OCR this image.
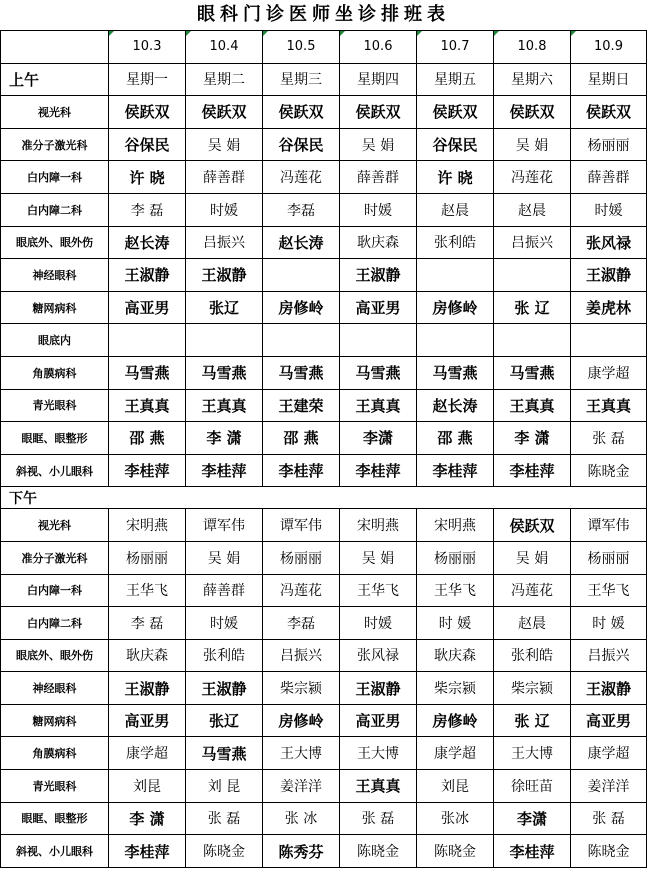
眼科门诊医师坐诊排班表
	10.3	10.4	10.5	10.6	10.7	10.8	10.9
上午	星期一	星期二	星期三	星期四	星期五	星期六	星期日
视光科	侯跃双	侯跃双	侯跃双	侯跃双	侯跃双	侯跃双	侯跃双
准分子激光科	谷保民	吴 娟	谷保民	吴 娟	谷保民	吴 娟	杨丽丽
白内障一科	许 晓	薛善群	冯莲花	薛善群	许 晓	冯莲花	薛善群
白内障二科	李 磊	时媛	李磊	时媛	赵晨	赵晨	时媛
眼底外、眼外伤	赵长涛	吕振兴	赵长涛	耿庆森	张利皓	吕振兴	张风禄
神经眼科	王淑静	王淑静		王淑静			王淑静
糖网病科	高亚男	张辽	房修岭	高亚男	房修岭	张 辽	姜虎林
眼底内							
角膜病科	马雪燕	马雪燕	马雪燕	马雪燕	马雪燕	马雪燕	康学超
青光眼科	王真真	王真真	王建荣	王真真	赵长涛	王真真	王真真
眼眶、眼整形	邵 燕	李 潇	邵 燕	李潇	邵 燕	李 潇	张 磊
斜视、小儿眼科	李桂萍	李桂萍	李桂萍	李桂萍	李桂萍	李桂萍	陈晓金
下午							
视光科	宋明燕	谭军伟	谭军伟	宋明燕	宋明燕	侯跃双	谭军伟
准分子激光科	杨丽丽	吴 娟	杨丽丽	吴 娟	杨丽丽	吴 娟	杨丽丽
白内障一科	王华飞	薛善群	冯莲花	王华飞	王华飞	冯莲花	王华飞
白内障二科	李 磊	时媛	李磊	时媛	时 媛	赵晨	时 媛
眼底外、眼外伤	耿庆森	张利皓	吕振兴	张风禄	耿庆森	张利皓	吕振兴
神经眼科	王淑静	王淑静	柴宗颍	王淑静	柴宗颍	柴宗颍	王淑静
糖网病科	高亚男	张辽	房修岭	高亚男	房修岭	张 辽	高亚男
角膜病科	康学超	马雪燕	王大博	王大博	康学超	王大博	康学超
青光眼科	刘昆	刘 昆	姜洋洋	王真真	刘昆	徐旺苗	姜洋洋
眼眶、眼整形	李 潇	张 磊	张 冰	张 磊	张冰	李潇	张 磊
斜视、小儿眼科	李桂萍	陈晓金	陈秀芬	陈晓金	陈晓金	李桂萍	陈晓金
